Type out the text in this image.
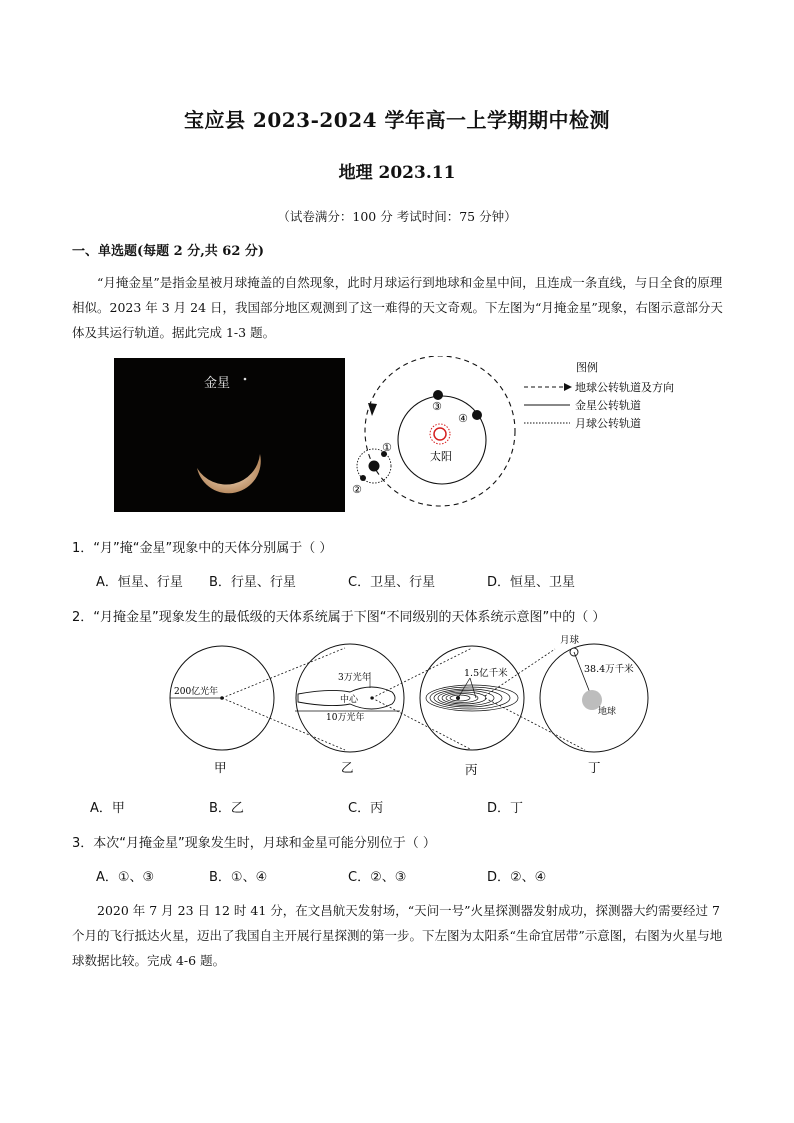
宝应县 2023-2024 学年高一上学期期中检测
地理 2023.11
（试卷满分：100 分 考试时间：75 分钟）
一、单选题(每题 2 分,共 62 分)
“月掩金星”是指金星被月球掩盖的自然现象，此时月球运行到地球和金星中间，且连成一条直线，与日全食的原理相似。2023 年 3 月 24 日，我国部分地区观测到了这一难得的天文奇观。下左图为“月掩金星”现象，右图示意部分天体及其运行轨道。据此完成 1-3 题。
金星
太阳
①
②
③
④
图例
地球公转轨道及方向
金星公转轨道
月球公转轨道
1．“月”掩“金星”现象中的天体分别属于（ ）
A．恒星、行星 B．行星、行星	C．卫星、行星	D．恒星、卫星
2．“月掩金星”现象发生的最低级的天体系统属于下图“不同级别的天体系统示意图”中的（ ）
200亿光年
3万光年
中心
10万光年
1.5亿千米
月球
38.4万千米
地球
甲	乙	丙	丁
A．甲	B．乙	C．丙	D．丁
3．本次“月掩金星”现象发生时，月球和金星可能分别位于（ ）
A．①、③	B．①、④	C．②、③	D．②、④
2020 年 7 月 23 日 12 时 41 分，在文昌航天发射场，“天问一号”火星探测器发射成功，探测器大约需要经过 7 个月的飞行抵达火星，迈出了我国自主开展行星探测的第一步。下左图为太阳系“生命宜居带”示意图，右图为火星与地球数据比较。完成 4-6 题。
